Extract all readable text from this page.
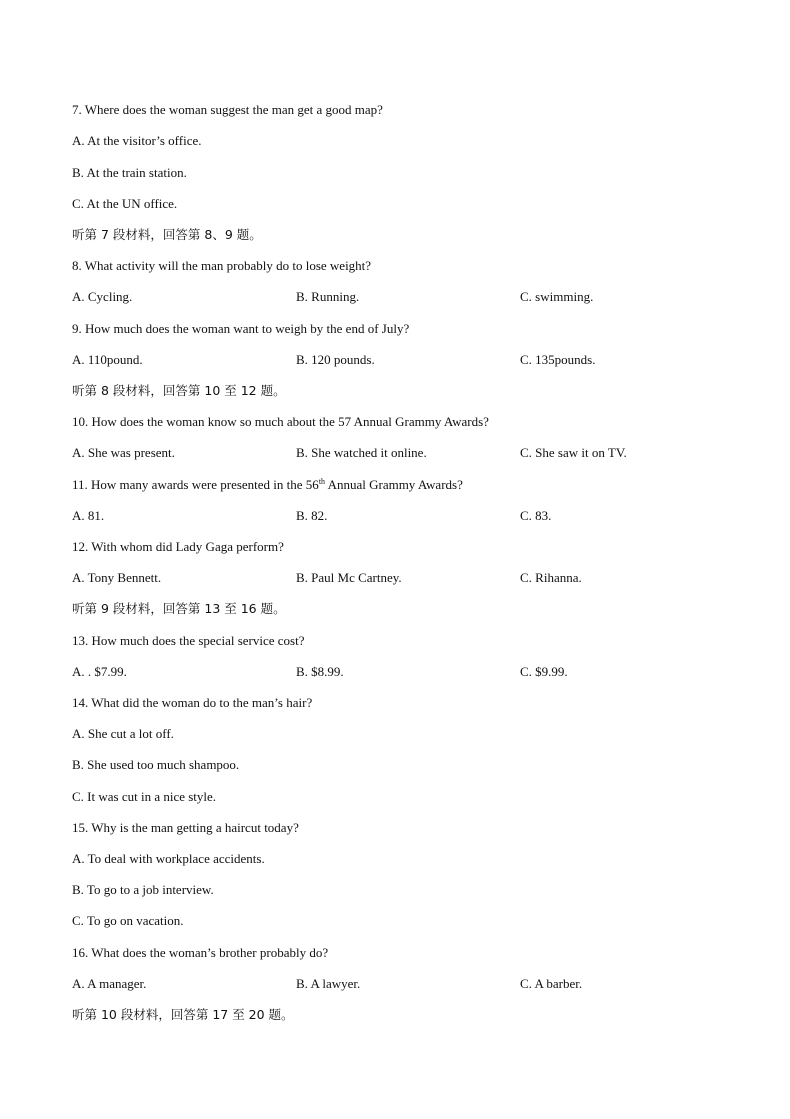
7. Where does the woman suggest the man get a good map?
A. At the visitor’s office.
B. At the train station.
C. At the UN office.
听第 7 段材料，回答第 8、9 题。
8. What activity will the man probably do to lose weight?
A. Cycling.	B. Running.	C. swimming.
9. How much does the woman want to weigh by the end of July?
A. 110pound.	B. 120 pounds.	C. 135pounds.
听第 8 段材料，回答第 10 至 12 题。
10. How does the woman know so much about the 57 Annual Grammy Awards?
A. She was present.	B. She watched it online.	C. She saw it on TV.
11. How many awards were presented in the 56th Annual Grammy Awards?
A. 81.	B. 82.	C. 83.
12. With whom did Lady Gaga perform?
A. Tony Bennett.	B. Paul Mc Cartney.	C. Rihanna.
听第 9 段材料，回答第 13 至 16 题。
13. How much does the special service cost?
A. . $7.99.	B. $8.99.	C. $9.99.
14. What did the woman do to the man’s hair?
A. She cut a lot off.
B. She used too much shampoo.
C. It was cut in a nice style.
15. Why is the man getting a haircut today?
A. To deal with workplace accidents.
B. To go to a job interview.
C. To go on vacation.
16. What does the woman’s brother probably do?
A. A manager.	B. A lawyer.	C. A barber.
听第 10 段材料，回答第 17 至 20 题。
